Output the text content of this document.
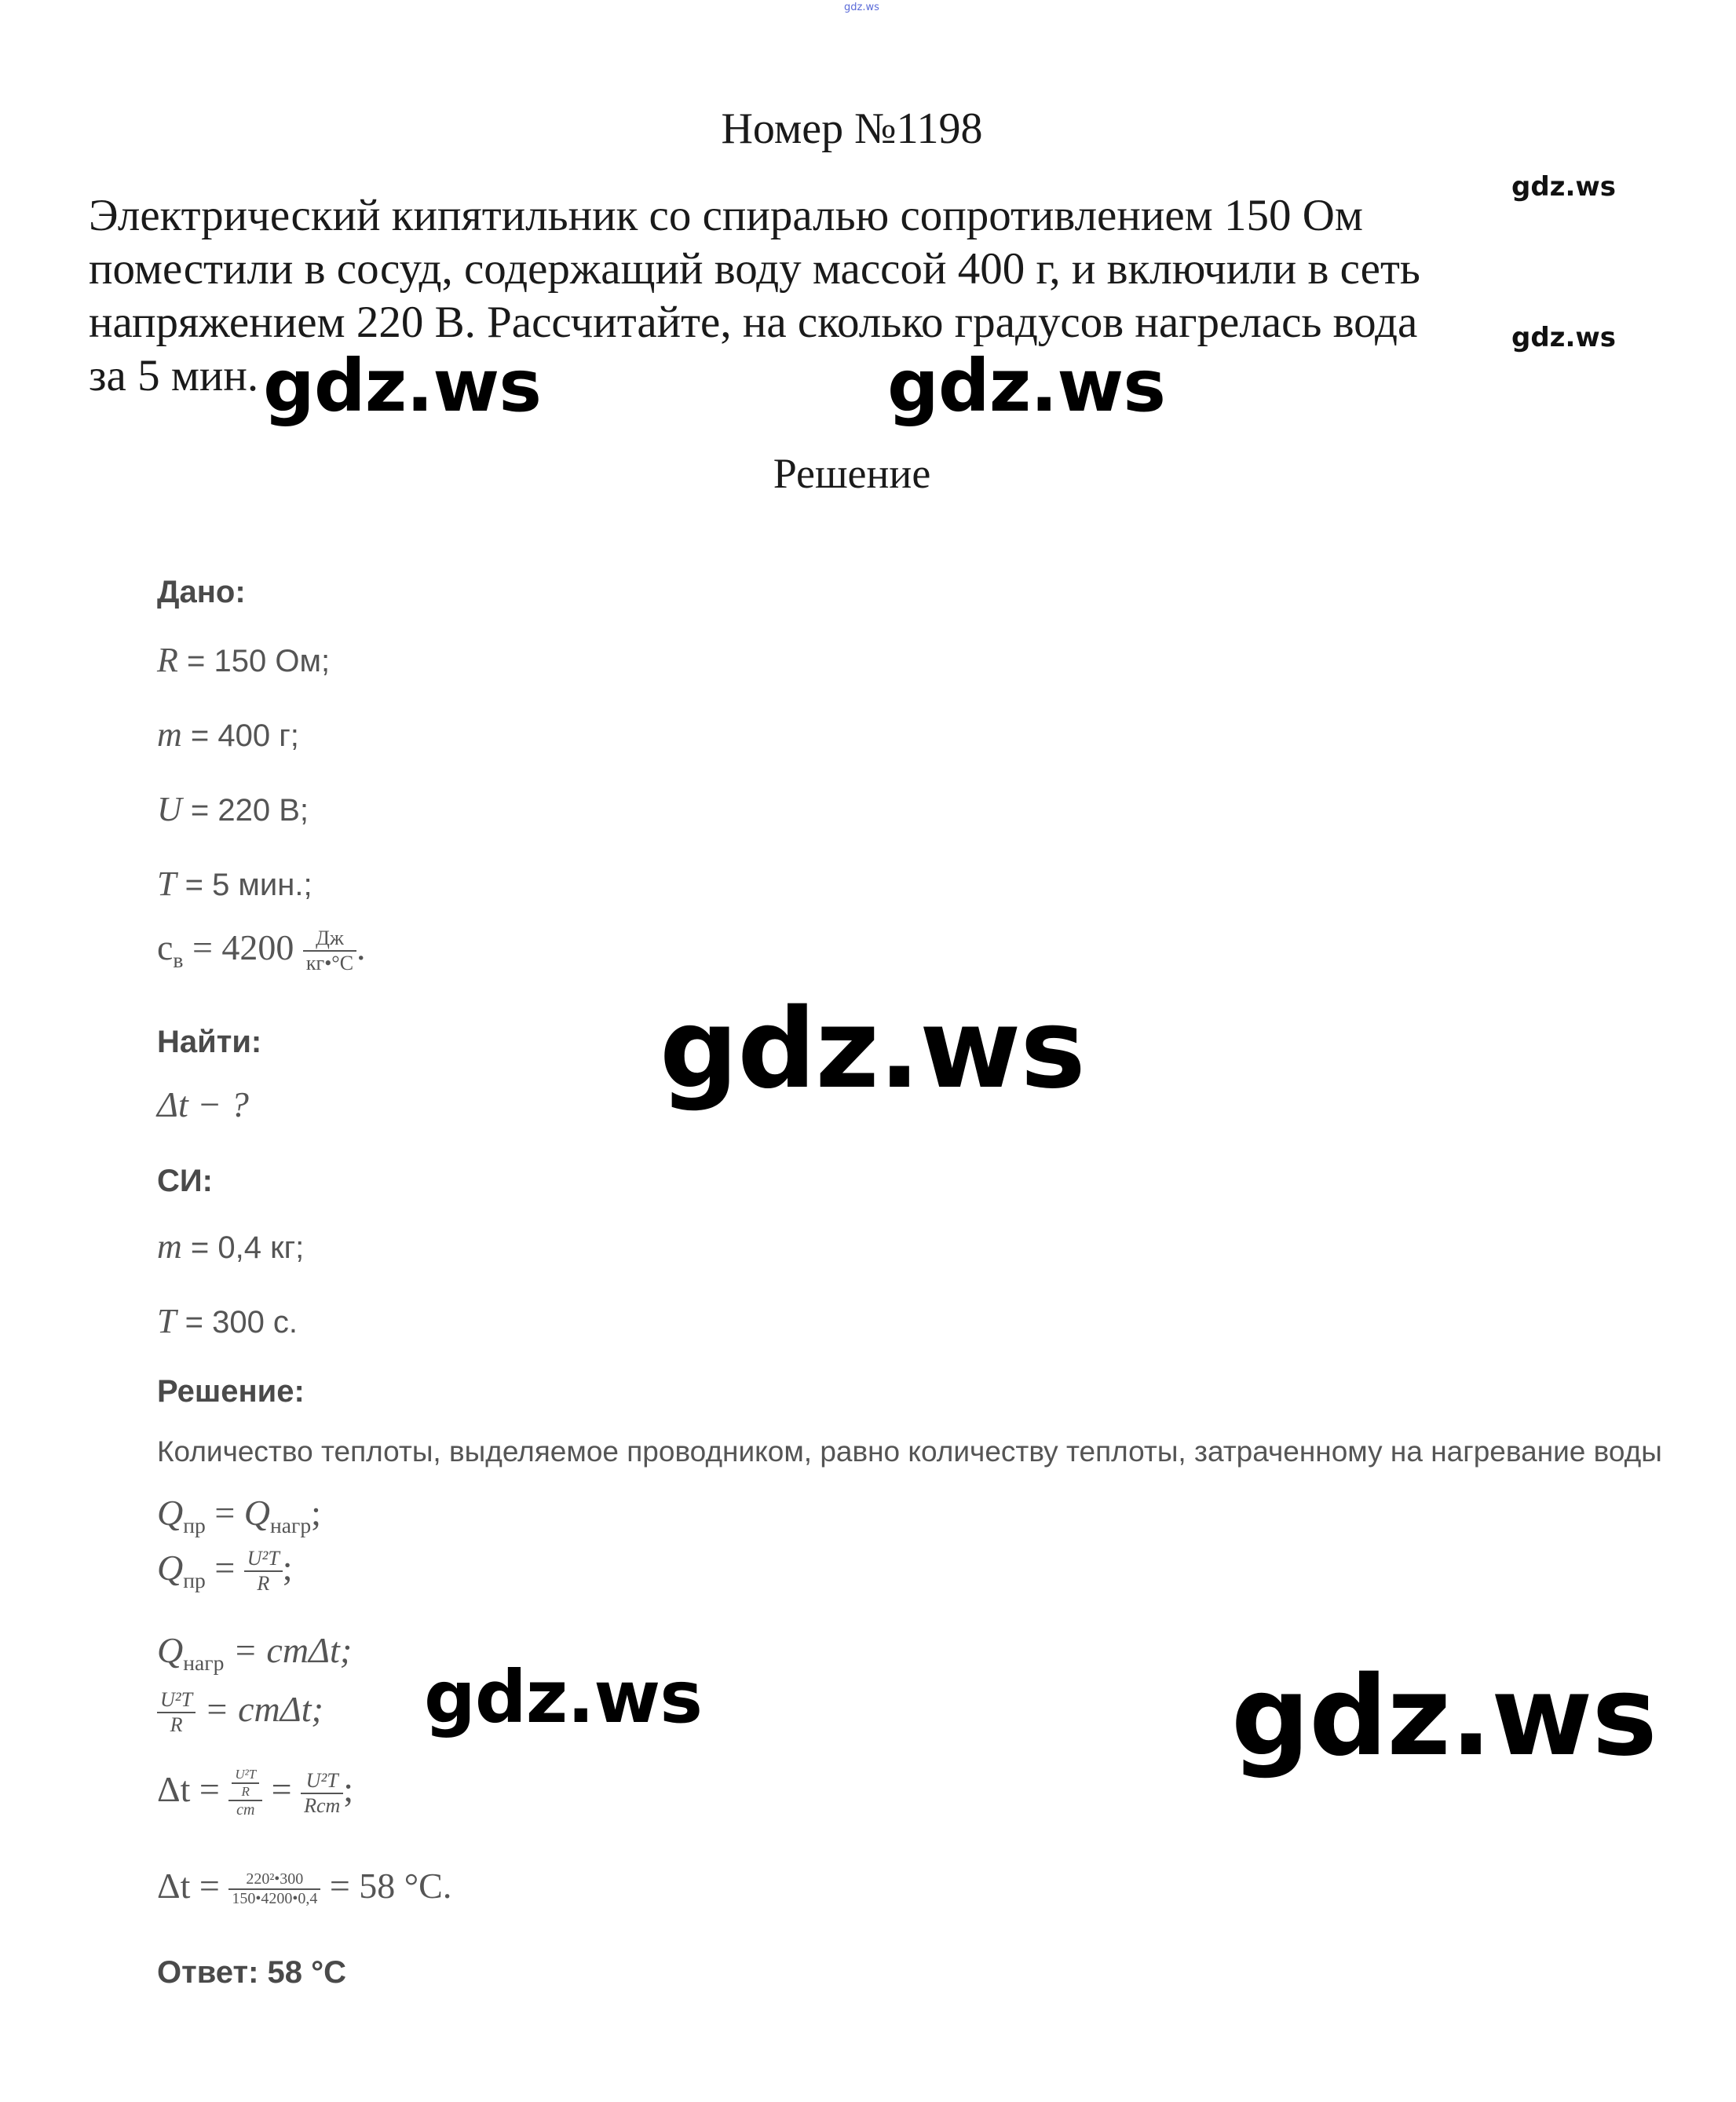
gdz.ws
Номер №1198
Электрический кипятильник со спиралью сопротивлением 150 Ом
поместили в сосуд, содержащий воду массой 400 г, и включили в сеть
напряжением 220 В. Рассчитайте, на сколько градусов нагрелась вода
за 5 мин.
gdz.ws
gdz.ws
gdz.ws	gdz.ws
Решение
Дано:
R = 150 Ом;
m = 400 г;
U = 220 В;
T = 5 мин.;
$c_в = 4200 \frac{Дж}{кг•^\circ С}$ .
Найти:
Δt − ?	gdz.ws
СИ:
m = 0,4 кг;
T = 300 с.
Решение:
Количество теплоты, выделяемое проводником, равно количеству теплоты, затраченному на нагревание воды
$Q_{пр} = Q_{нагр}$;
$Q_{пр} = \frac{\text{U²T}}{R}$ ;
$Q_{нагр} = cm\Delta t$;
$\frac{\text{U²T}}{R} = cm\Delta t$;
$\Delta t = \frac{\frac{\text{U²T}}{R}}{cm} = \frac{\text{U²T}}{\text{Rcm}}$ ;
$\Delta t = \frac{\text{220²•300}}{150•4200•0,4} = 58$ °С.
Ответ: 58 °С
gdz.ws	gdz.ws
